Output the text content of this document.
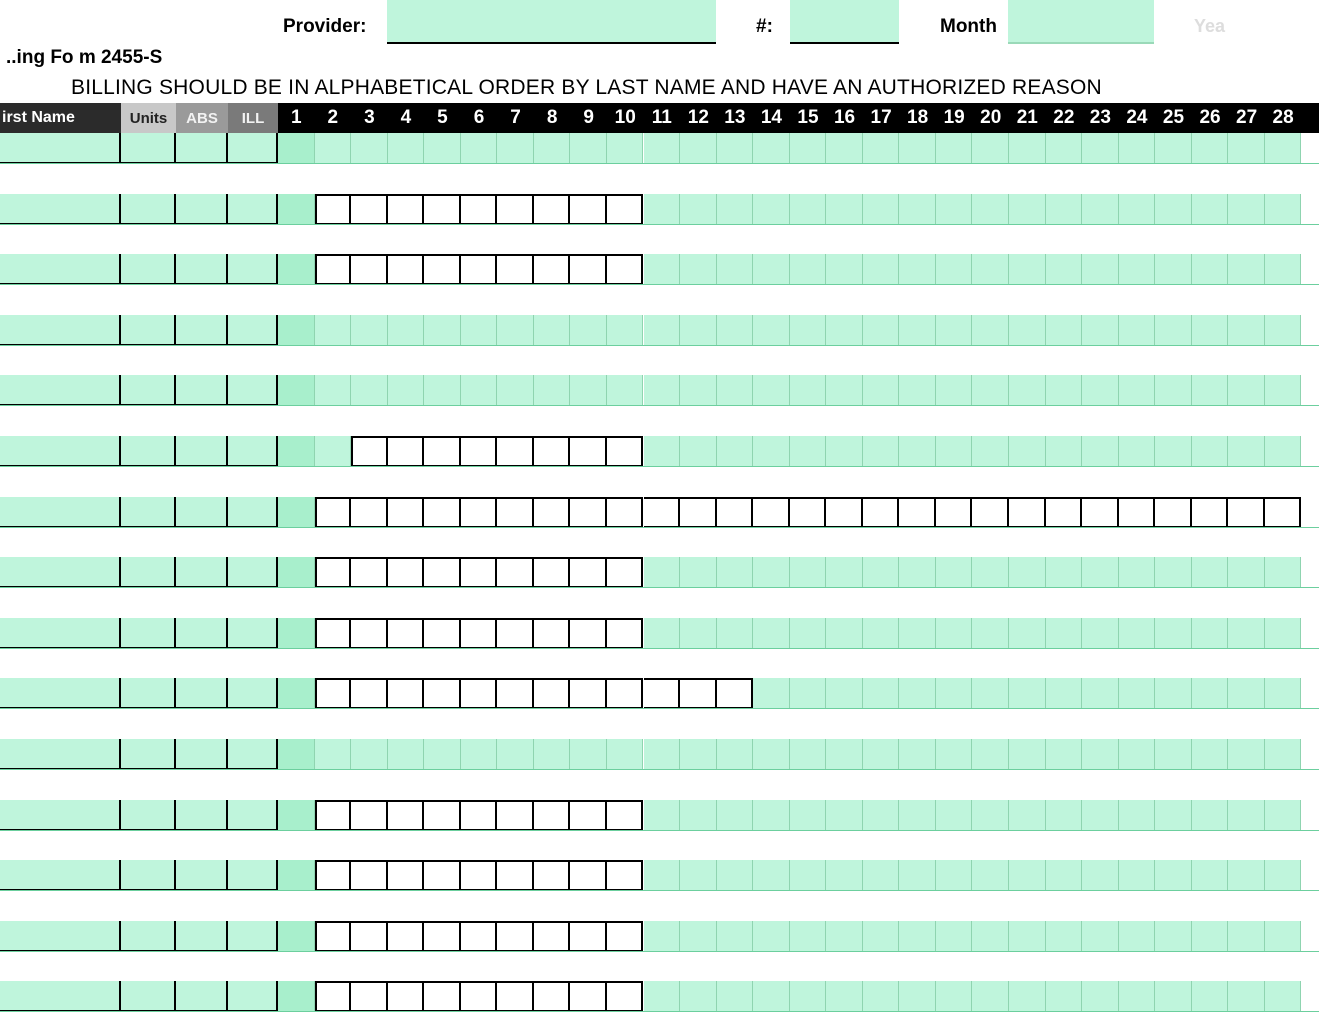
Provider:	#:	Month	Yea
..ing Fo m 2455-S
BILLING SHOULD BE IN ALPHABETICAL ORDER BY LAST NAME AND HAVE AN AUTHORIZED REASON
irst Name	Units	ABS	ILL	1	2	3	4	5	6	7	8	9	10 11 12 13 14 15 16 17 18 19 20 21 22 23 24 25 26 27 28
